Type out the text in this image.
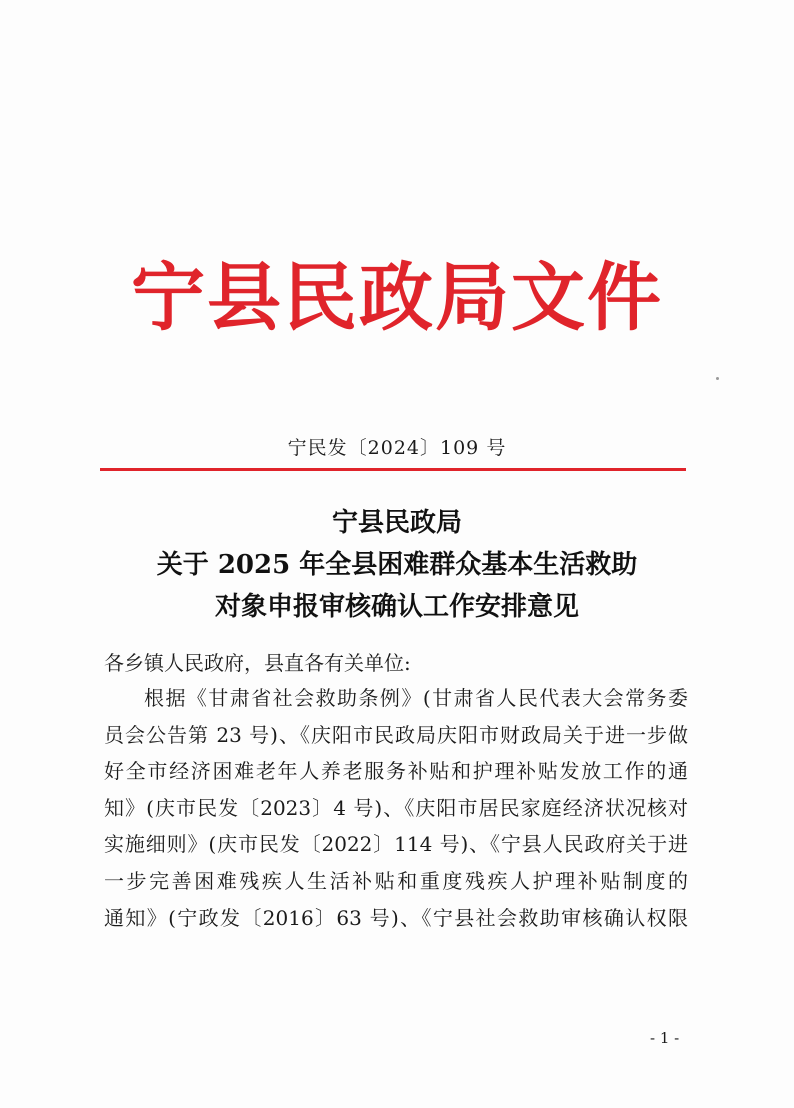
宁县民政局文件
宁民发〔2024〕109 号
宁县民政局
关于 2025 年全县困难群众基本生活救助
对象申报审核确认工作安排意见
各乡镇人民政府，县直各有关单位:
根据《甘肃省社会救助条例》(甘肃省人民代表大会常务委
员会公告第 23 号)、《庆阳市民政局庆阳市财政局关于进一步做
好全市经济困难老年人养老服务补贴和护理补贴发放工作的通
知》(庆市民发〔2023〕4 号)、《庆阳市居民家庭经济状况核对
实施细则》(庆市民发〔2022〕114 号)、《宁县人民政府关于进
一步完善困难残疾人生活补贴和重度残疾人护理补贴制度的
通知》(宁政发〔2016〕63 号)、《宁县社会救助审核确认权限
- 1 -
